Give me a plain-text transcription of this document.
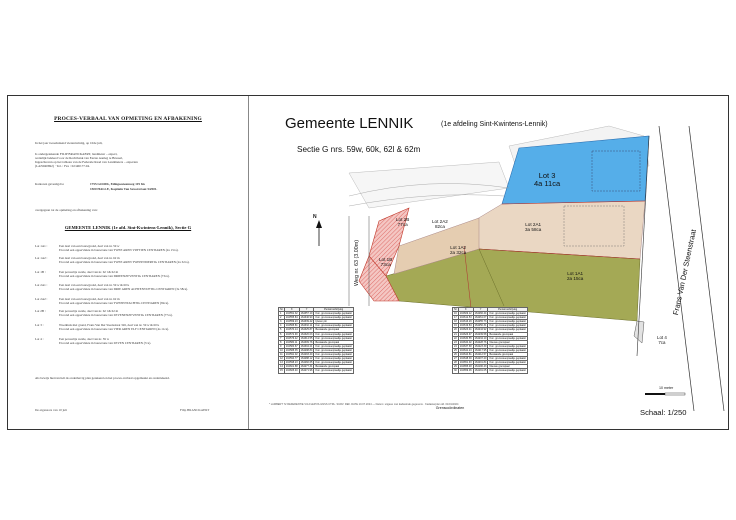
PROCES-VERBAAL VAN OPMETING EN AFBAKENING
In het jaar tweeduizend vierentwintig, op 10de juli,
Is ondergetekende FILIP BRANCKAERT, landmeter – expert,
wettelijk bekleed voor de Rechtbank van Eerste Aanleg te Brussel,
Ingeschreven op het tableau van de Federale Raad van Landmeters – experten
(LAN040692) · Tel. : Fax : 02/460.77.04.
Kantoren gevestigd te	1755 GOOIK, Edingsesteenweg 119 bis
1500 HALLE, Kapitein Van Savorstraat 54/001.
overgegaan tot de opmeting en afbakening van:
GEMEENTE LENNIK (1e afd. Sint-Kwintens-Lennik), Sectie G
Lot 1A1 :	Een deel van een bouwgrond, deel van nr. 59 w
En rond een oppervlakte in bouwzone van TWEE AREN VIJFTIEN CENTIAREN (2a 15ca).
Lot 1A2 :	Een deel van een bouwgrond, deel van nr. 62 m
En rond een oppervlakte in bouwzone van TWEE AREN TWEEENDERTIG CENTIAREN (2a 32ca).
Lot 1B :	Een perceeltje weide, deel van nr. 62 l & 62 m
En rond een oppervlakte in bouwzone van DRIEENZEVENTIG CENTIAREN (73ca).
Lot 2A1 :	Een deel van een bouwgrond, deel van nr. 59 w & 60 k
En rond een oppervlakte in bouwzone van DRIE AREN ACHTENVIJFTIG CENTIAREN (3a 58ca).
Lot 2A2 :	Een deel van een bouwgrond, deel van nr. 62 m
En rond een oppervlakte in bouwzone van TWEEENTACHTIG CENTIAREN (82ca).
Lot 2B :	Een perceeltje weide, deel van nr. 62 l & 62 m
En rond een oppervlakte in bouwzone van ZEVENENZEVENTIG CENTIAREN (77ca).
Lot 3 :	Woonhuis met grond, Frans Van Der Steenstraat 326, deel van nr. 59 w & 60 k
En rond een oppervlakte in bouwzone van VIER AREN ELF CENTIAREN (4a 11ca).
Lot 4 :	Een perceeltje weide, deel van nr. 59 w
En rond een oppervlakte in bouwzone van ZEVEN CENTIAREN (7ca).
Als bewijs hiervan heb ik onderhavig plan getekend en het proces-verbaal opgemaakt en ondertekend.
De eigenaars van 10 juli	Filip BRANCKAERT
Gemeente LENNIK	(1e afdeling Sint-Kwintens-Lennik)
Sectie G nrs. 59w, 60k, 62l & 62m
Lot 3
4a 11ca
Lot 2A1
3a 58ca
Lot 2A2
82ca
Lot 2B
77ca
Lot 1A2
2a 32ca
Lot 1B
73ca
Lot 1A1
2a 15ca
Lot 4
7ca
Frans Van Der Steenstraat
Weg nr. 63 (3.00m)
N
Nr	X	Y	Puntomschrijving
1	104551.32	164357.10	Kon. grenssteenpaaltje geplaatst
2	104555.84	164346.90	Kon. grenssteenpaaltje geplaatst
3	104559.23	164339.42	Ijzeren pin
4	104565.81	164332.11	Kon. grenssteenpaaltje geplaatst
5	104570.14	164325.87	Bestaande grenspaal
6	104572.90	164320.03	Kon. grenssteenpaaltje geplaatst
7	104576.42	164314.55	Kon. grenssteenpaaltje geplaatst
8	104580.11	164309.76	Bestaande grenspaal
9	104584.67	164304.21	Kon. grenssteenpaaltje geplaatst
10	104588.35	164298.84	Kon. grenssteenpaaltje geplaatst
11	104591.02	164293.40	Kon. grenssteenpaaltje geplaatst
12	104594.77	164288.12	Kon. grenssteenpaaltje geplaatst
13	104598.23	164282.65	Kon. grenssteenpaaltje geplaatst
14	104601.88	164277.31	Bestaande grenspaal
15	104605.40	164271.96	Kon. grenssteenpaaltje geplaatst
Nr	X	Y	Puntomschrijving
16	104609.12	164266.44	Kon. grenssteenpaaltje geplaatst
17	104612.53	164261.07	Kon. grenssteenpaaltje geplaatst
18	104616.29	164255.73	Kon. grenssteenpaaltje geplaatst
19	104619.84	164250.31	Kon. grenssteenpaaltje geplaatst
20	104623.41	164244.92	Kon. grenssteenpaaltje geplaatst
21	104626.97	164239.58	Bestaande grenspaal
22	104630.55	164234.10	Kon. grenssteenpaaltje geplaatst
23	104634.02	164228.76	Nieuwe grenspaal
24	104637.68	164223.39	Kon. grenssteenpaaltje geplaatst
25	104641.24	164217.95	Kon. grenssteenpaaltje geplaatst
26	104644.81	164212.57	Bestaande grenspaal
27	104648.39	164207.20	Kon. grenssteenpaaltje geplaatst
28	104651.93	164201.84	Kon. grenssteenpaaltje geplaatst
29	104655.48	164196.43	Nieuwe grenspaal
30	104659.06	164191.05	Kon. grenssteenpaaltje geplaatst
Grenscoördinaten
* LAMBERT 72 REFERENTIE VIA FLEPOS-GNSS CTRL. SURV. REF. DATE 10.07.2024 — Datum: uitgave met kadastrale gegevens · Kadasterplan dd. 01/01/2024
10 meter
Schaal: 1/250
